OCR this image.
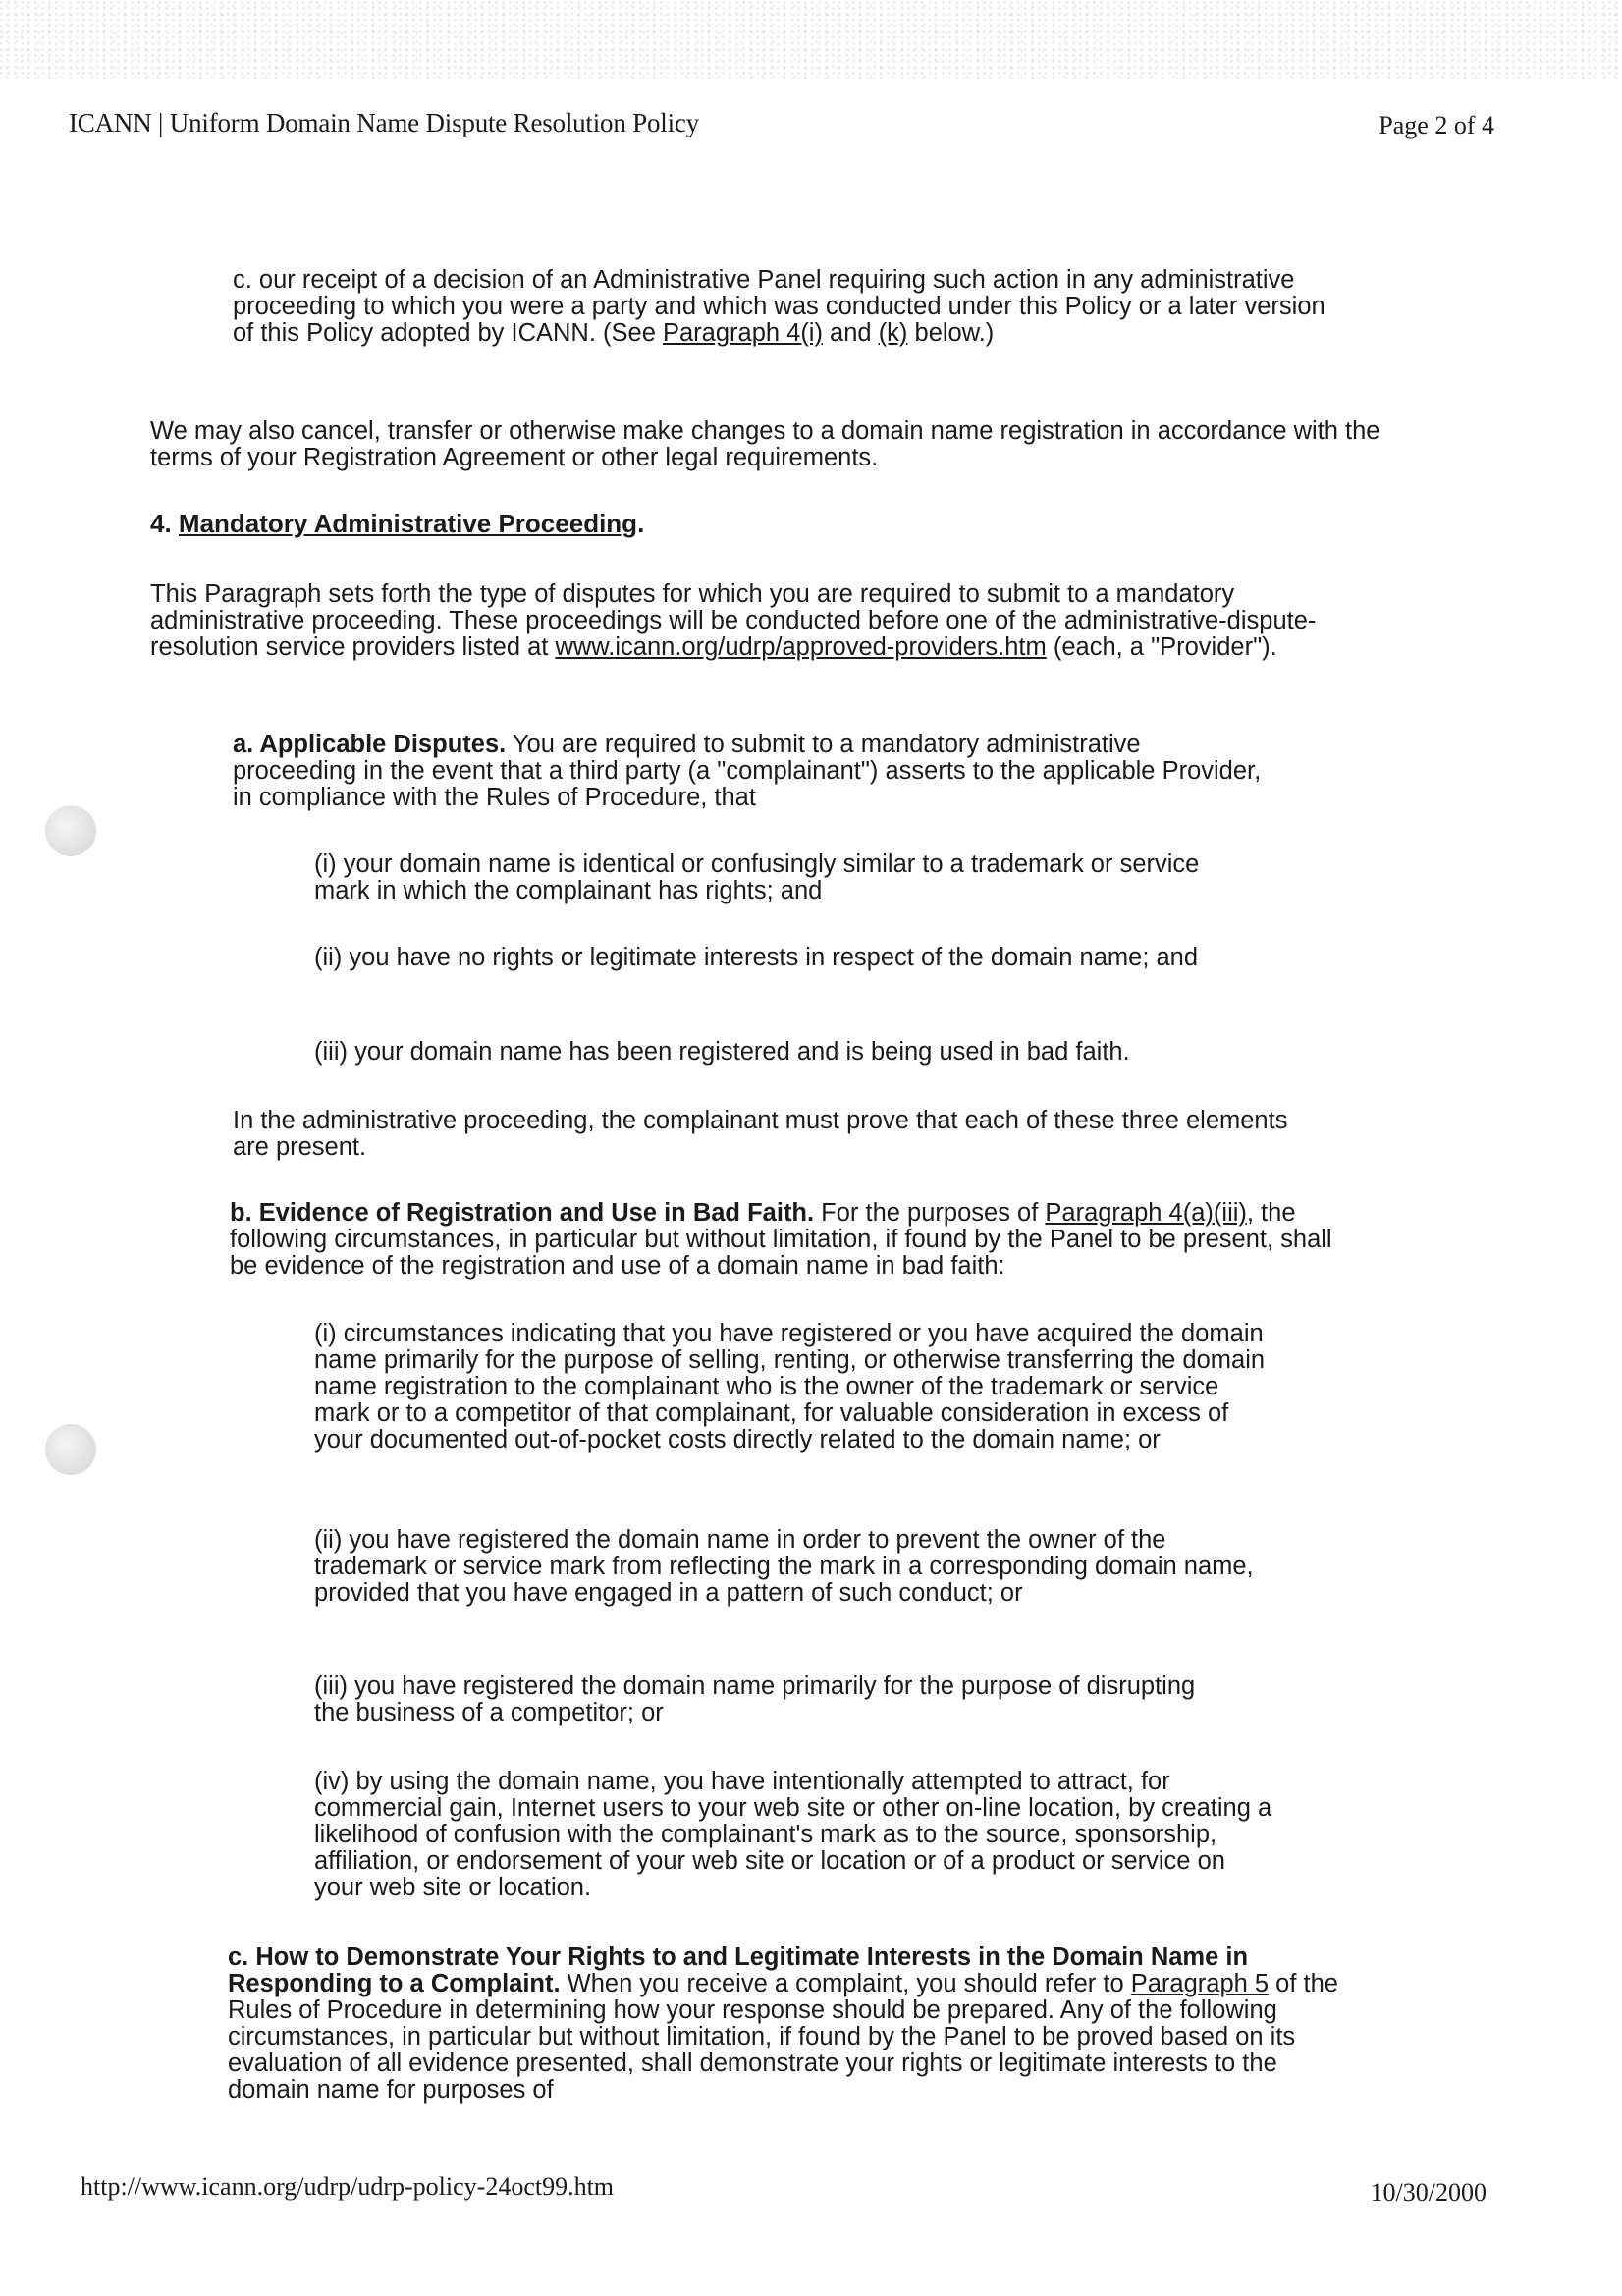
ICANN | Uniform Domain Name Dispute Resolution Policy	Page 2 of 4

c. our receipt of a decision of an Administrative Panel requiring such action in any administrative proceeding to which you were a party and which was conducted under this Policy or a later version of this Policy adopted by ICANN. (See Paragraph 4(i) and (k) below.)

We may also cancel, transfer or otherwise make changes to a domain name registration in accordance with the terms of your Registration Agreement or other legal requirements.

4. Mandatory Administrative Proceeding.

This Paragraph sets forth the type of disputes for which you are required to submit to a mandatory administrative proceeding. These proceedings will be conducted before one of the administrative-dispute-resolution service providers listed at www.icann.org/udrp/approved-providers.htm (each, a "Provider").

a. Applicable Disputes. You are required to submit to a mandatory administrative proceeding in the event that a third party (a "complainant") asserts to the applicable Provider, in compliance with the Rules of Procedure, that

(i) your domain name is identical or confusingly similar to a trademark or service mark in which the complainant has rights; and

(ii) you have no rights or legitimate interests in respect of the domain name; and

(iii) your domain name has been registered and is being used in bad faith.

In the administrative proceeding, the complainant must prove that each of these three elements are present.

b. Evidence of Registration and Use in Bad Faith. For the purposes of Paragraph 4(a)(iii), the following circumstances, in particular but without limitation, if found by the Panel to be present, shall be evidence of the registration and use of a domain name in bad faith:

(i) circumstances indicating that you have registered or you have acquired the domain name primarily for the purpose of selling, renting, or otherwise transferring the domain name registration to the complainant who is the owner of the trademark or service mark or to a competitor of that complainant, for valuable consideration in excess of your documented out-of-pocket costs directly related to the domain name; or

(ii) you have registered the domain name in order to prevent the owner of the trademark or service mark from reflecting the mark in a corresponding domain name, provided that you have engaged in a pattern of such conduct; or

(iii) you have registered the domain name primarily for the purpose of disrupting the business of a competitor; or

(iv) by using the domain name, you have intentionally attempted to attract, for commercial gain, Internet users to your web site or other on-line location, by creating a likelihood of confusion with the complainant's mark as to the source, sponsorship, affiliation, or endorsement of your web site or location or of a product or service on your web site or location.

c. How to Demonstrate Your Rights to and Legitimate Interests in the Domain Name in Responding to a Complaint. When you receive a complaint, you should refer to Paragraph 5 of the Rules of Procedure in determining how your response should be prepared. Any of the following circumstances, in particular but without limitation, if found by the Panel to be proved based on its evaluation of all evidence presented, shall demonstrate your rights or legitimate interests to the domain name for purposes of

http://www.icann.org/udrp/udrp-policy-24oct99.htm	10/30/2000
